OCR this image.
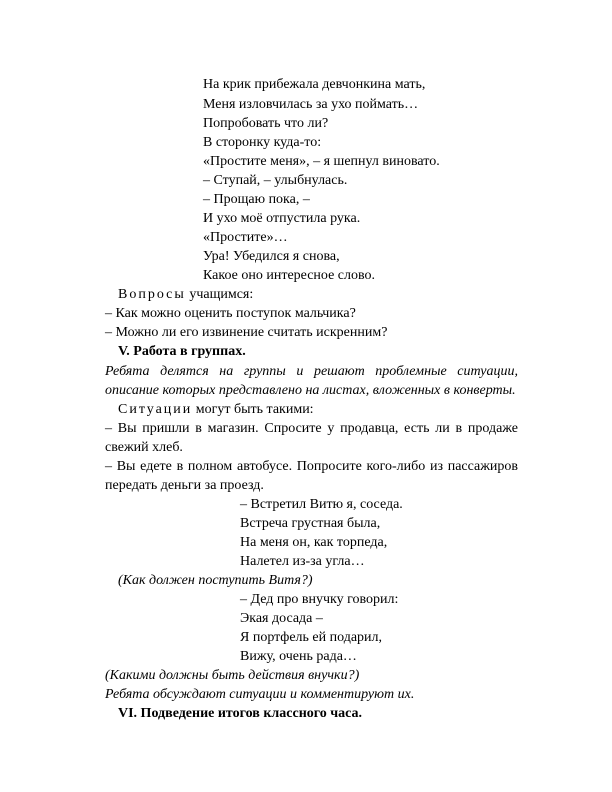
На крик прибежала девчонкина мать,
Меня изловчилась за ухо поймать…
Попробовать что ли?
В сторонку куда-то:
«Простите меня», – я шепнул виновато.
– Ступай, – улыбнулась.
– Прощаю пока, –
И ухо моё отпустила рука.
«Простите»…
Ура! Убедился я снова,
Какое оно интересное слово.
Вопросы учащимся:
– Как можно оценить поступок мальчика?
– Можно ли его извинение считать искренним?
V. Работа в группах.
Ребята делятся на группы и решают проблемные ситуации,
описание которых представлено на листах, вложенных в конверты.
Ситуации могут быть такими:
– Вы пришли в магазин. Спросите у продавца, есть ли в продаже
свежий хлеб.
– Вы едете в полном автобусе. Попросите кого-либо из пассажиров
передать деньги за проезд.
– Встретил Витю я, соседа.
Встреча грустная была,
На меня он, как торпеда,
Налетел из-за угла…
(Как должен поступить Витя?)
– Дед про внучку говорил:
Экая досада –
Я портфель ей подарил,
Вижу, очень рада…
(Какими должны быть действия внучки?)
Ребята обсуждают ситуации и комментируют их.
VI. Подведение итогов классного часа.
